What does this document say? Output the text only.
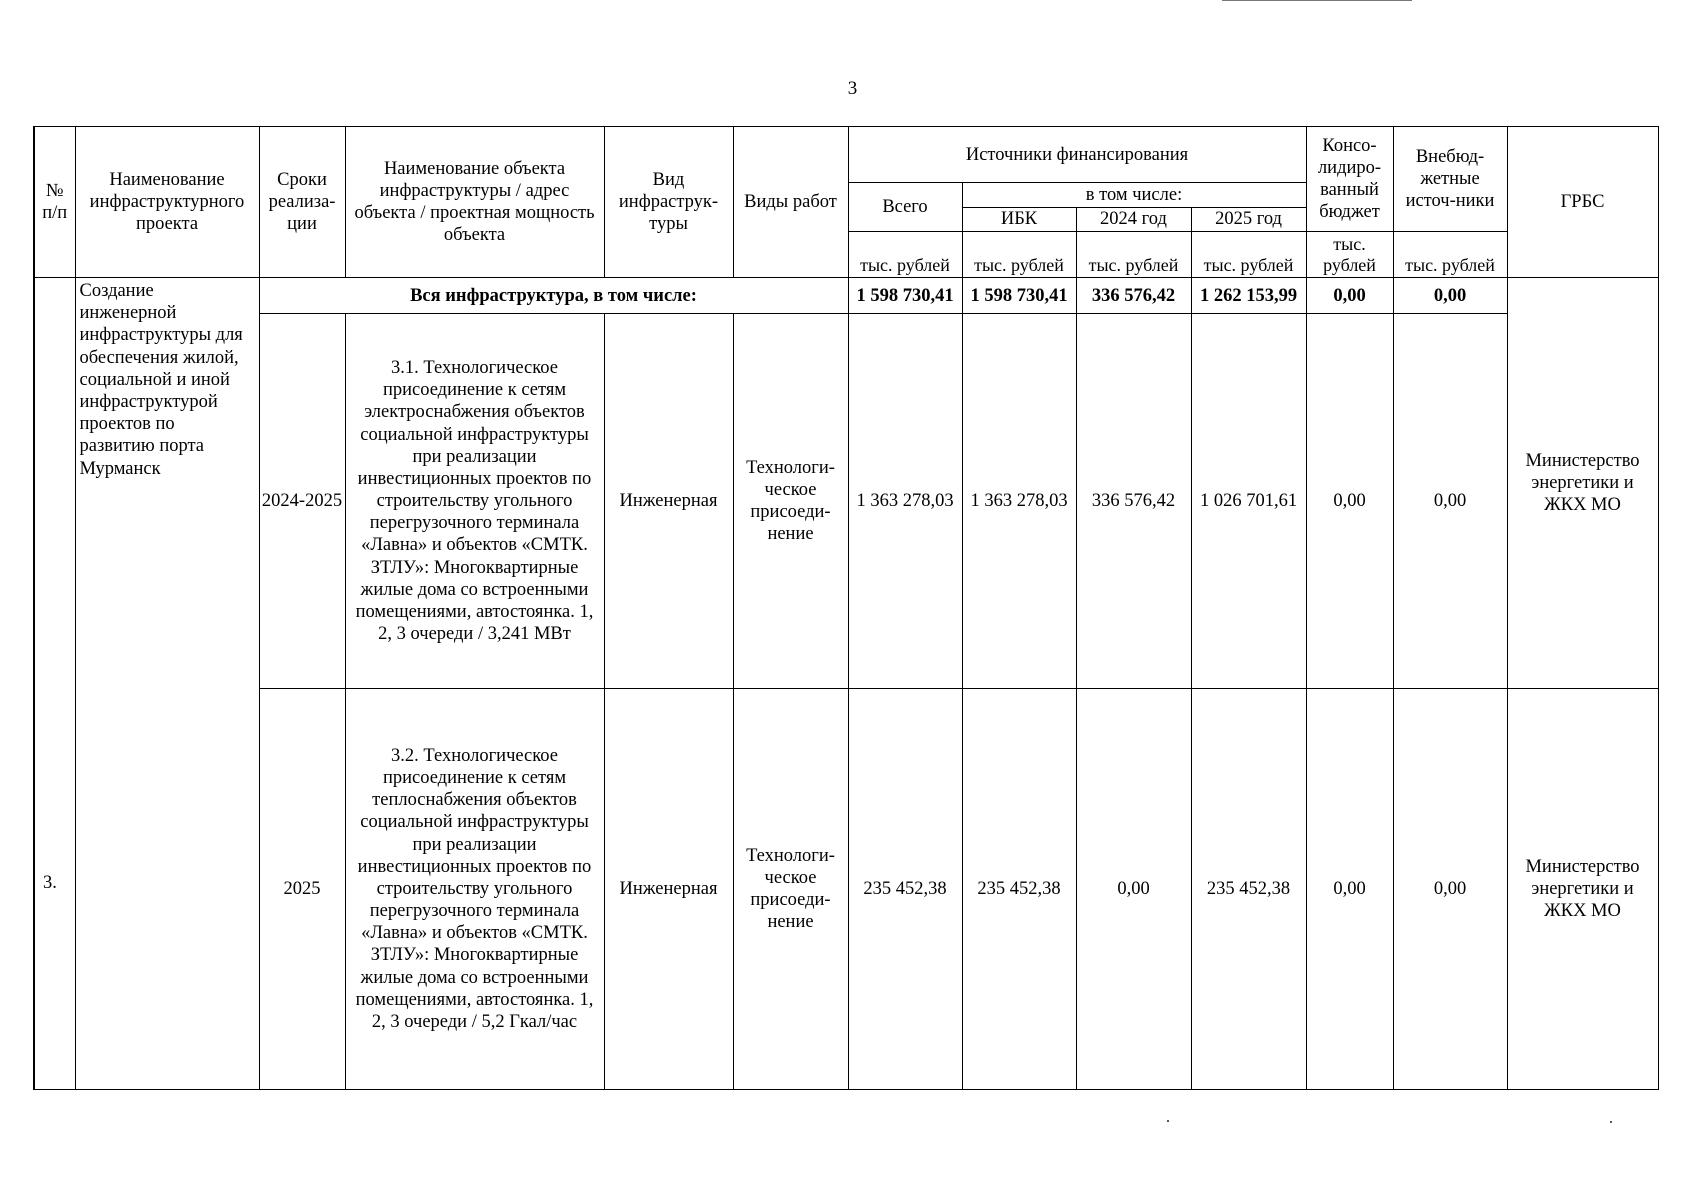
3
№ п/п	Наименование инфраструктурного проекта	Сроки реализа-ции	Наименование объекта инфраструктуры / адрес объекта / проектная мощность объекта	Вид инфраструк-туры	Виды работ	Источники финансирования				Консо-лидиро-ванный бюджет	Внебюд-жетные источ-ники	ГРБС
						Всего	в том числе:					
							ИБК	2024 год	2025 год			
						тыс. рублей	тыс. рублей	тыс. рублей	тыс. рублей	тыс. рублей	тыс. рублей	
3.	Создание инженерной инфраструктуры для обеспечения жилой, социальной и иной инфраструктурой проектов по развитию порта Мурманск	Вся инфраструктура, в том числе:				1 598 730,41	1 598 730,41	336 576,42	1 262 153,99	0,00	0,00	Министерство энергетики и ЖКХ МО
		2024-2025	3.1. Технологическое присоединение к сетям электроснабжения объектов социальной инфраструктуры при реализации инвестиционных проектов по строительству угольного перегрузочного терминала «Лавна» и объектов «СМТК. ЗТЛУ»: Многоквартирные жилые дома со встроенными помещениями, автостоянка. 1, 2, 3 очереди / 3,241 МВт	Инженерная	Технологи-ческое присоеди-нение	1 363 278,03	1 363 278,03	336 576,42	1 026 701,61	0,00	0,00	
		2025	3.2. Технологическое присоединение к сетям теплоснабжения объектов социальной инфраструктуры при реализации инвестиционных проектов по строительству угольного перегрузочного терминала «Лавна» и объектов «СМТК. ЗТЛУ»: Многоквартирные жилые дома со встроенными помещениями, автостоянка. 1, 2, 3 очереди / 5,2 Гкал/час	Инженерная	Технологи-ческое присоеди-нение	235 452,38	235 452,38	0,00	235 452,38	0,00	0,00	Министерство энергетики и ЖКХ МО
